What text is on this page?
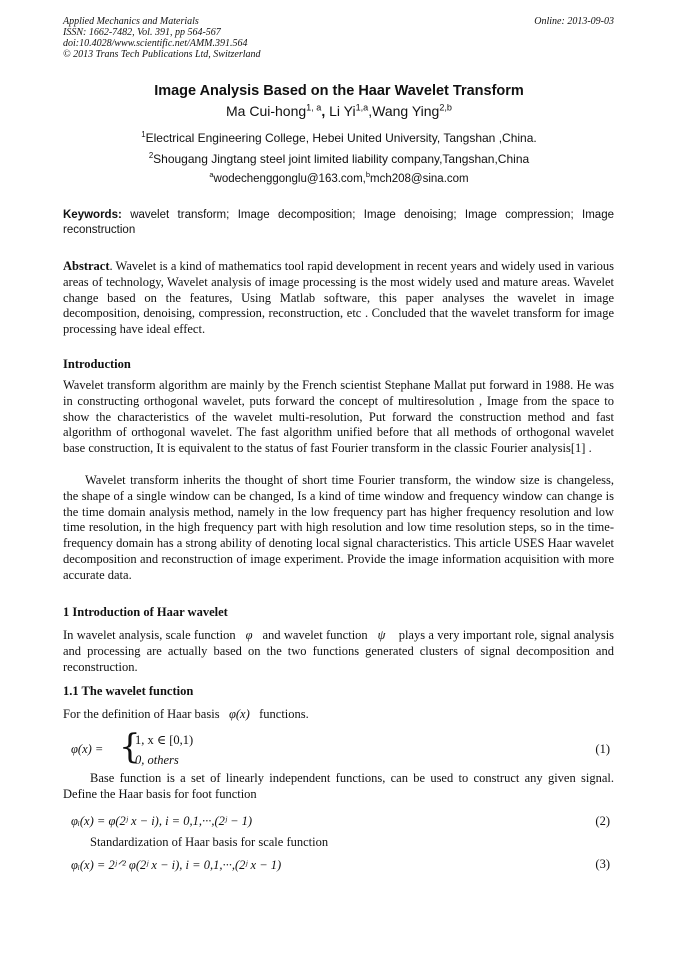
Applied Mechanics and Materials
ISSN: 1662-7482, Vol. 391, pp 564-567
doi:10.4028/www.scientific.net/AMM.391.564
© 2013 Trans Tech Publications Ltd, Switzerland
Online: 2013-09-03
Image Analysis Based on the Haar Wavelet Transform
Ma Cui-hong$^{1, a}$, Li Yi$^{1,a}$,Wang Ying$^{2,b}$
$^1$Electrical Engineering College, Hebei United University, Tangshan ,China.
$^2$Shougang Jingtang steel joint limited liability company,Tangshan,China
$^a$wodechenggonglu@163.com,$^b$mch208@sina.com
Keywords: wavelet transform; Image decomposition; Image denoising; Image compression; Image reconstruction
Abstract. Wavelet is a kind of mathematics tool rapid development in recent years and widely used in various areas of technology, Wavelet analysis of image processing is the most widely used and mature areas. Wavelet change based on the features, Using Matlab software, this paper analyses the wavelet in image decomposition, denoising, compression, reconstruction, etc . Concluded that the wavelet transform for image processing have ideal effect.
Introduction
Wavelet transform algorithm are mainly by the French scientist Stephane Mallat put forward in 1988. He was in constructing orthogonal wavelet, puts forward the concept of multiresolution , Image from the space to show the characteristics of the wavelet multi-resolution, Put forward the construction method and fast algorithm of orthogonal wavelet. The fast algorithm unified before that all methods of orthogonal wavelet base construction, It is equivalent to the status of fast Fourier transform in the classic Fourier analysis[1] .
Wavelet transform inherits the thought of short time Fourier transform, the window size is changeless, the shape of a single window can be changed, Is a kind of time window and frequency window can change is the time domain analysis method, namely in the low frequency part has higher frequency resolution and low time resolution, in the high frequency part with high resolution and low time resolution steps, so in the time-frequency domain has a strong ability of denoting local signal characteristics. This article USES Haar wavelet decomposition and reconstruction of image experiment. Provide the image information acquisition with more accurate data.
1 Introduction of Haar wavelet
In wavelet analysis, scale function φ and wavelet function ψ plays a very important role, signal analysis and processing are actually based on the two functions generated clusters of signal decomposition and reconstruction.
1.1 The wavelet function
For the definition of Haar basis φ(x) functions.
φ(x) = {
1, x ∈ [0,1)
0, others
(1)
Base function is a set of linearly independent functions, can be used to construct any given signal. Define the Haar basis for foot function
φᵢ(x) = φ(2ʲ x − i), i = 0,1,···,(2ʲ − 1)	(2)
Standardization of Haar basis for scale function
φᵢ(x) = 2ʲᐟ² φ(2ʲ x − i), i = 0,1,···,(2ʲ x − 1)	(3)
